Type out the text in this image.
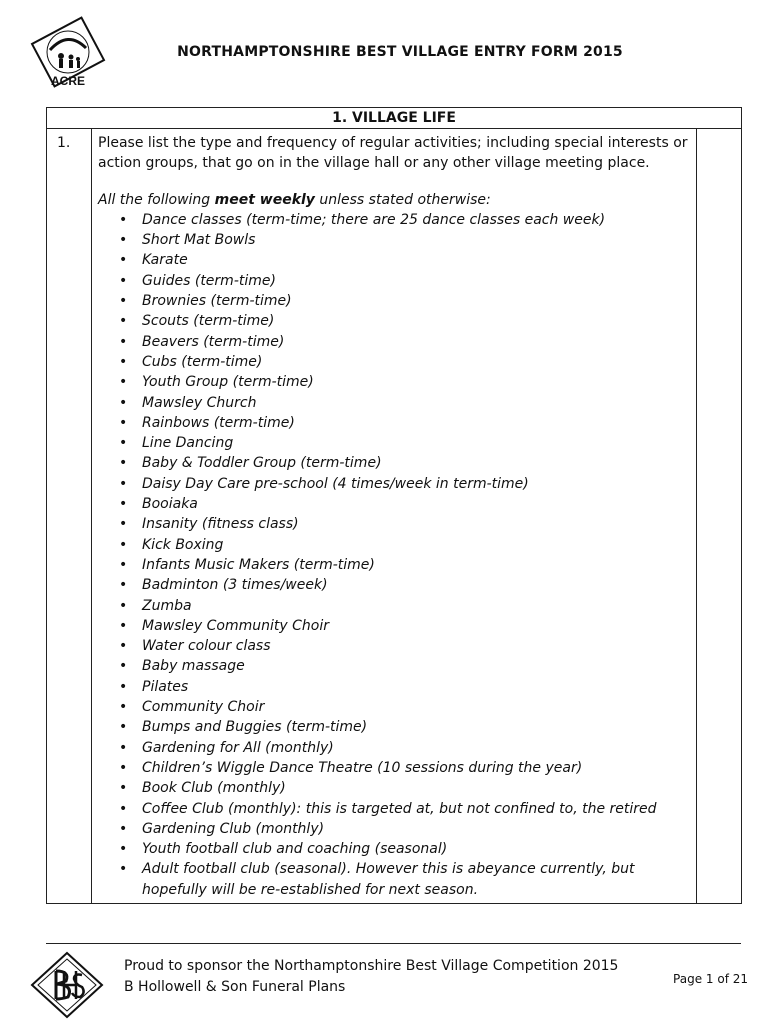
ACRE
NORTHAMPTONSHIRE BEST VILLAGE ENTRY FORM 2015
1. VILLAGE LIFE
1.	Please list the type and frequency of regular activities; including special interests or action groups, that go on in the village hall or any other village meeting place.

All the following meet weekly unless stated otherwise:

• Dance classes (term-time; there are 25 dance classes each week)
• Short Mat Bowls
• Karate
• Guides (term-time)
• Brownies (term-time)
• Scouts (term-time)
• Beavers (term-time)
• Cubs (term-time)
• Youth Group (term-time)
• Mawsley Church
• Rainbows (term-time)
• Line Dancing
• Baby & Toddler Group (term-time)
• Daisy Day Care pre-school (4 times/week in term-time)
• Booiaka
• Insanity (fitness class)
• Kick Boxing
• Infants Music Makers (term-time)
• Badminton (3 times/week)
• Zumba
• Mawsley Community Choir
• Water colour class
• Baby massage
• Pilates
• Community Choir
• Bumps and Buggies (term-time)
• Gardening for All (monthly)
• Children’s Wiggle Dance Theatre (10 sessions during the year)
• Book Club (monthly)
• Coffee Club (monthly): this is targeted at, but not confined to, the retired
• Gardening Club (monthly)
• Youth football club and coaching (seasonal)
• Adult football club (seasonal). However this is abeyance currently, but hopefully will be re-established for next season.

Proud to sponsor the Northamptonshire Best Village Competition 2015
B Hollowell & Son Funeral Plans	Page 1 of 21
